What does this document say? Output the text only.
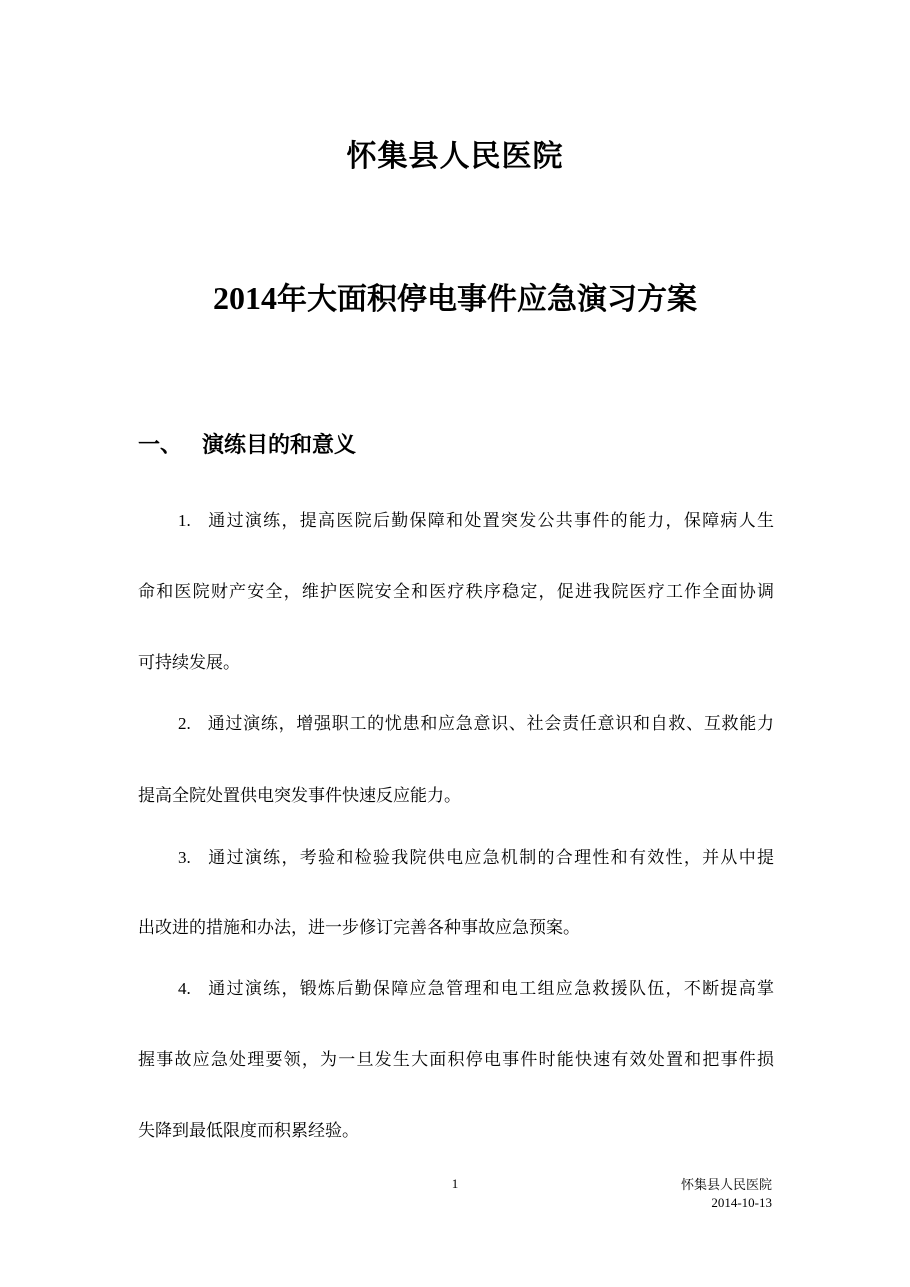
怀集县人民医院
2014年大面积停电事件应急演习方案
一、 演练目的和意义
1. 通过演练，提高医院后勤保障和处置突发公共事件的能力，保障病人生
命和医院财产安全，维护医院安全和医疗秩序稳定，促进我院医疗工作全面协调
可持续发展。
2. 通过演练，增强职工的忧患和应急意识、社会责任意识和自救、互救能力
提高全院处置供电突发事件快速反应能力。
3. 通过演练，考验和检验我院供电应急机制的合理性和有效性，并从中提
出改进的措施和办法，进一步修订完善各种事故应急预案。
4. 通过演练，锻炼后勤保障应急管理和电工组应急救援队伍，不断提高掌
握事故应急处理要领，为一旦发生大面积停电事件时能快速有效处置和把事件损
失降到最低限度而积累经验。
1	怀集县人民医院
2014-10-13
